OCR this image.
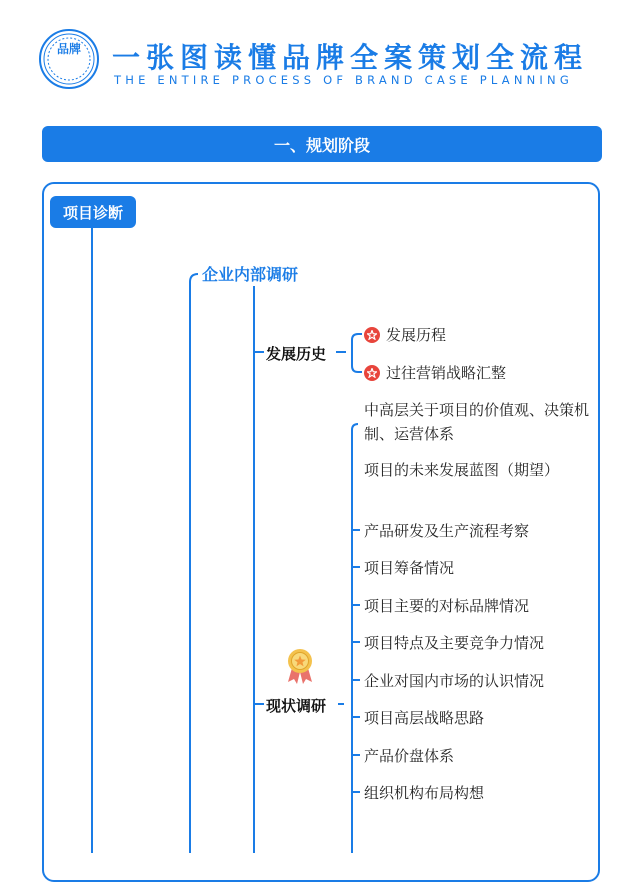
品牌 一张图读懂品牌全案策划全流程
THE ENTIRE PROCESS OF BRAND CASE PLANNING
一、规划阶段
项目诊断
企业内部调研
发展历史
发展历程
过往营销战略汇整
现状调研
中高层关于项目的价值观、决策机制、运营体系
项目的未来发展蓝图（期望）
产品研发及生产流程考察
项目筹备情况
项目主要的对标品牌情况
项目特点及主要竞争力情况
企业对国内市场的认识情况
项目高层战略思路
产品价盘体系
组织机构布局构想
